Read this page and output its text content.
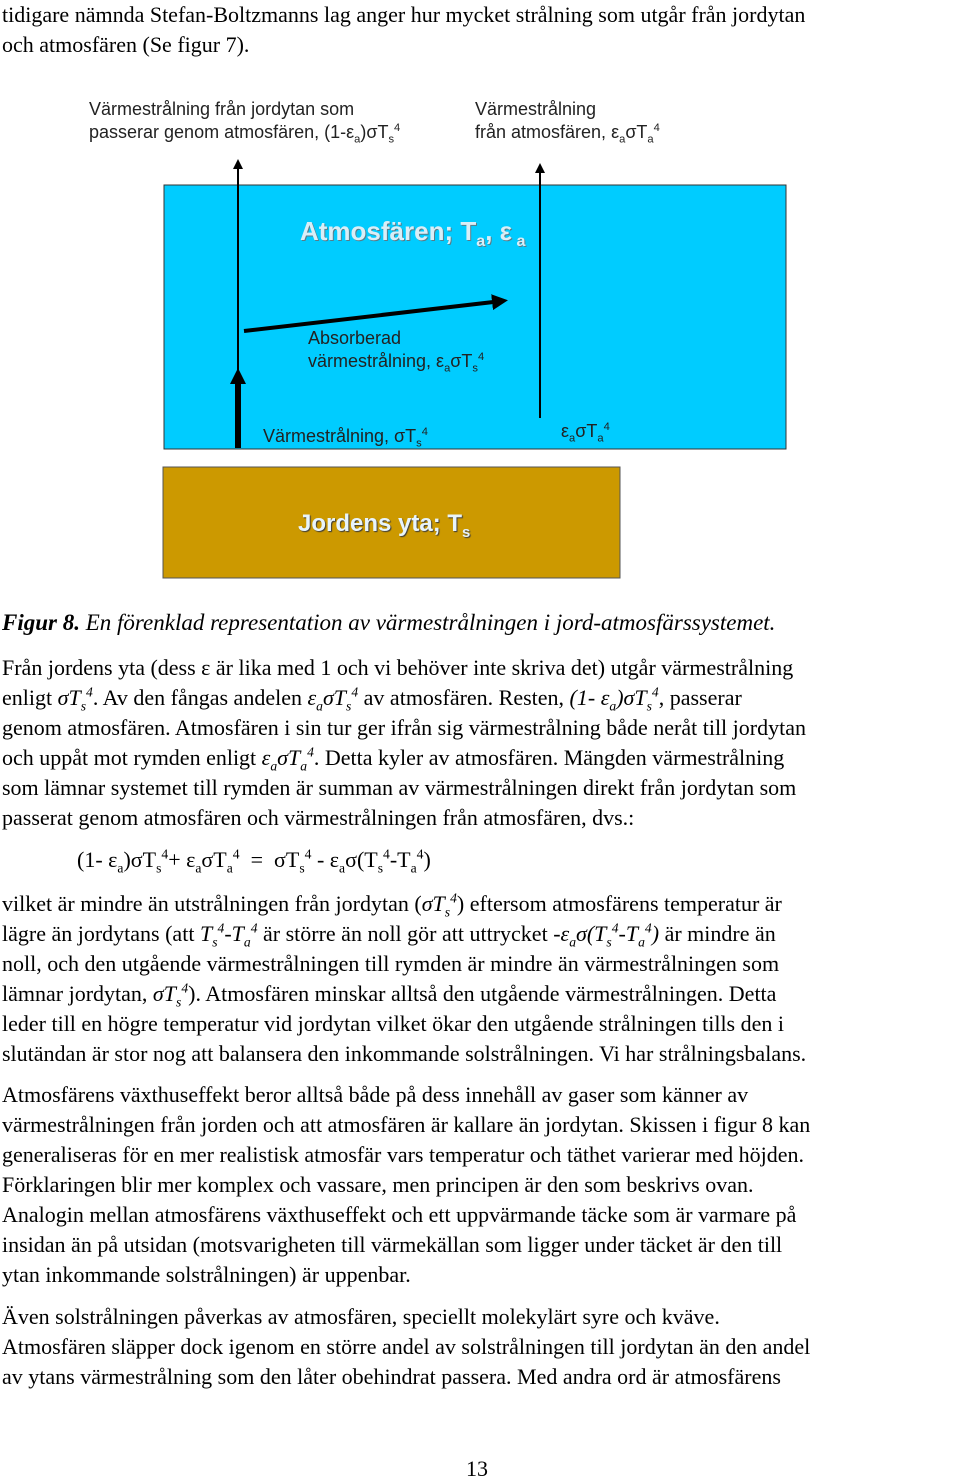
tidigare nämnda Stefan-Boltzmanns lag anger hur mycket strålning som utgår från jordytan
och atmosfären (Se figur 7).
Värmestrålning från jordytan som
passerar genom atmosfären, $(1-\varepsilon_a)\sigma T_s^4$
Värmestrålning
från atmosfären, $\varepsilon_a\sigma T_a^4$
Atmosfären; $T_a$, ε $_a$
Absorberad
värmestrålning, $\varepsilon_a\sigma T_s^4$
Värmestrålning, $\sigma T_s^4$	$\varepsilon_a\sigma T_a^4$
Jordens yta; $T_s$
Figur 8. En förenklad representation av värmestrålningen i jord-atmosfärssystemet.
Från jordens yta (dess ε är lika med 1 och vi behöver inte skriva det) utgår värmestrålning
enligt $\sigma T_s^4$. Av den fångas andelen $\varepsilon_a\sigma T_s^4$ av atmosfären. Resten, (1- $\varepsilon_a)\sigma T_s^4$, passerar
genom atmosfären. Atmosfären i sin tur ger ifrån sig värmestrålning både neråt till jordytan
och uppåt mot rymden enligt $\varepsilon_a\sigma T_a^4$. Detta kyler av atmosfären. Mängden värmestrålning
som lämnar systemet till rymden är summan av värmestrålningen direkt från jordytan som
passerat genom atmosfären och värmestrålningen från atmosfären, dvs.:
(1- $\varepsilon_a)\sigma T_s^4+ \varepsilon_a\sigma T_a^4 = \sigma T_s^4 - \varepsilon_a\sigma(T_s^4-T_a^4)$
vilket är mindre än utstrålningen från jordytan $(\sigma T_s^4)$ eftersom atmosfärens temperatur är
lägre än jordytans (att $T_s^4-T_a^4$ är större än noll gör att uttrycket $-\varepsilon_a\sigma(T_s^4-T_a^4)$ är mindre än
noll, och den utgående värmestrålningen till rymden är mindre än värmestrålningen som
lämnar jordytan, $\sigma T_s^4$). Atmosfären minskar alltså den utgående värmestrålningen. Detta
leder till en högre temperatur vid jordytan vilket ökar den utgående strålningen tills den i
slutändan är stor nog att balansera den inkommande solstrålningen. Vi har strålningsbalans.
Atmosfärens växthuseffekt beror alltså både på dess innehåll av gaser som känner av
värmestrålningen från jorden och att atmosfären är kallare än jordytan. Skissen i figur 8 kan
generaliseras för en mer realistisk atmosfär vars temperatur och täthet varierar med höjden.
Förklaringen blir mer komplex och vassare, men principen är den som beskrivs ovan.
Analogin mellan atmosfärens växthuseffekt och ett uppvärmande täcke som är varmare på
insidan än på utsidan (motsvarigheten till värmekällan som ligger under täcket är den till
ytan inkommande solstrålningen) är uppenbar.
Även solstrålningen påverkas av atmosfären, speciellt molekylärt syre och kväve.
Atmosfären släpper dock igenom en större andel av solstrålningen till jordytan än den andel
av ytans värmestrålning som den låter obehindrat passera. Med andra ord är atmosfärens
13
